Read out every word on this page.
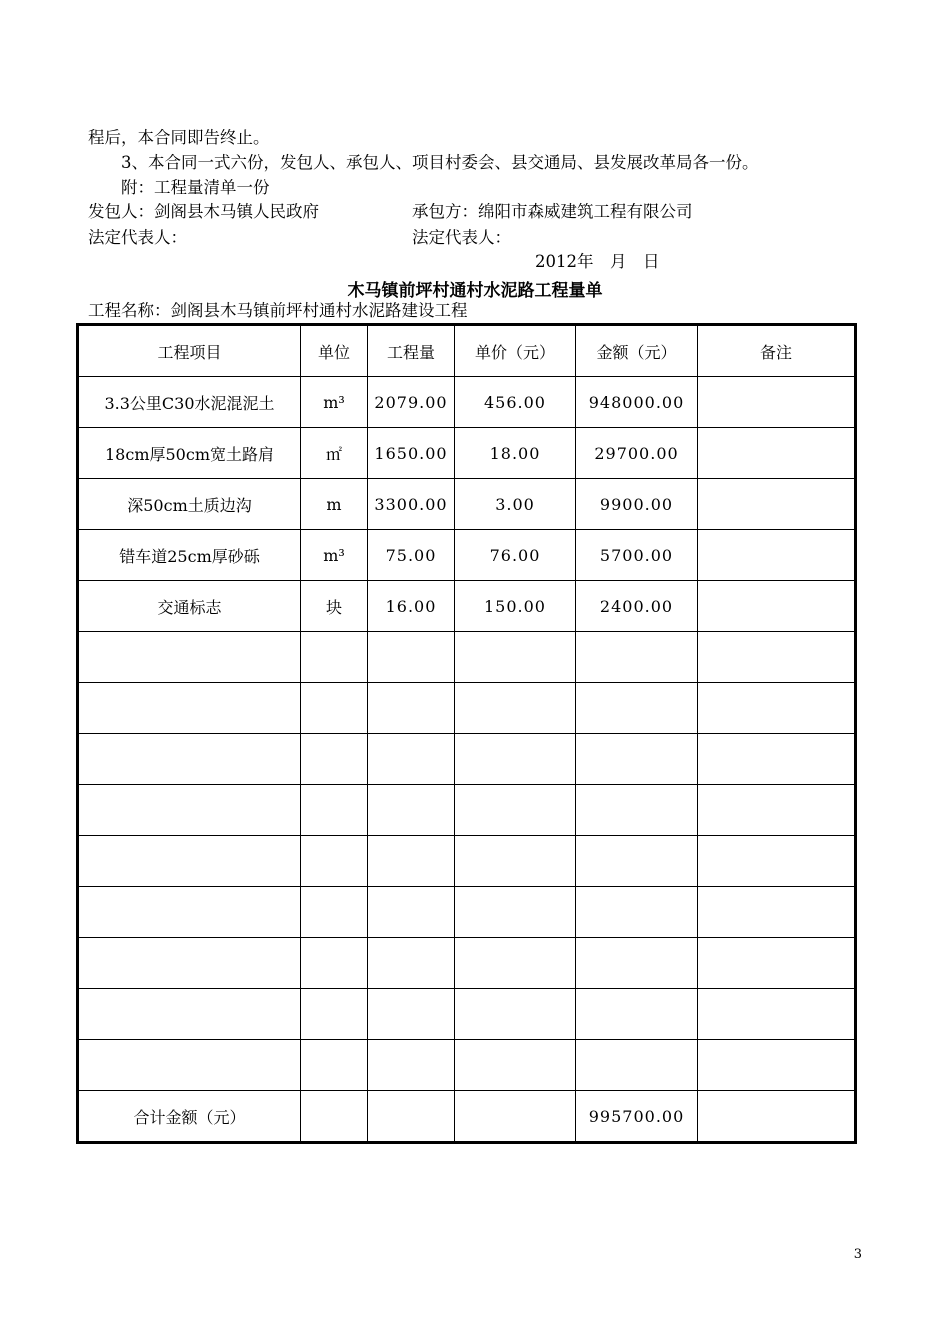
程后，本合同即告终止。
3、本合同一式六份，发包人、承包人、项目村委会、县交通局、县发展改革局各一份。
附：工程量清单一份
发包人：剑阁县木马镇人民政府	承包方：绵阳市森威建筑工程有限公司
法定代表人：	法定代表人：
2012年　月　日
木马镇前坪村通村水泥路工程量单
工程名称：剑阁县木马镇前坪村通村水泥路建设工程
工程项目	单位	工程量	单价（元）	金额（元）	备注
3.3公里C30水泥混泥土	m³	2079.00	456.00	948000.00	
18cm厚50cm宽土路肩	㎡	1650.00	18.00	29700.00	
深50cm土质边沟	m	3300.00	3.00	9900.00	
错车道25cm厚砂砾	m³	75.00	76.00	5700.00	
交通标志	块	16.00	150.00	2400.00	

合计金额（元）				995700.00	
3
